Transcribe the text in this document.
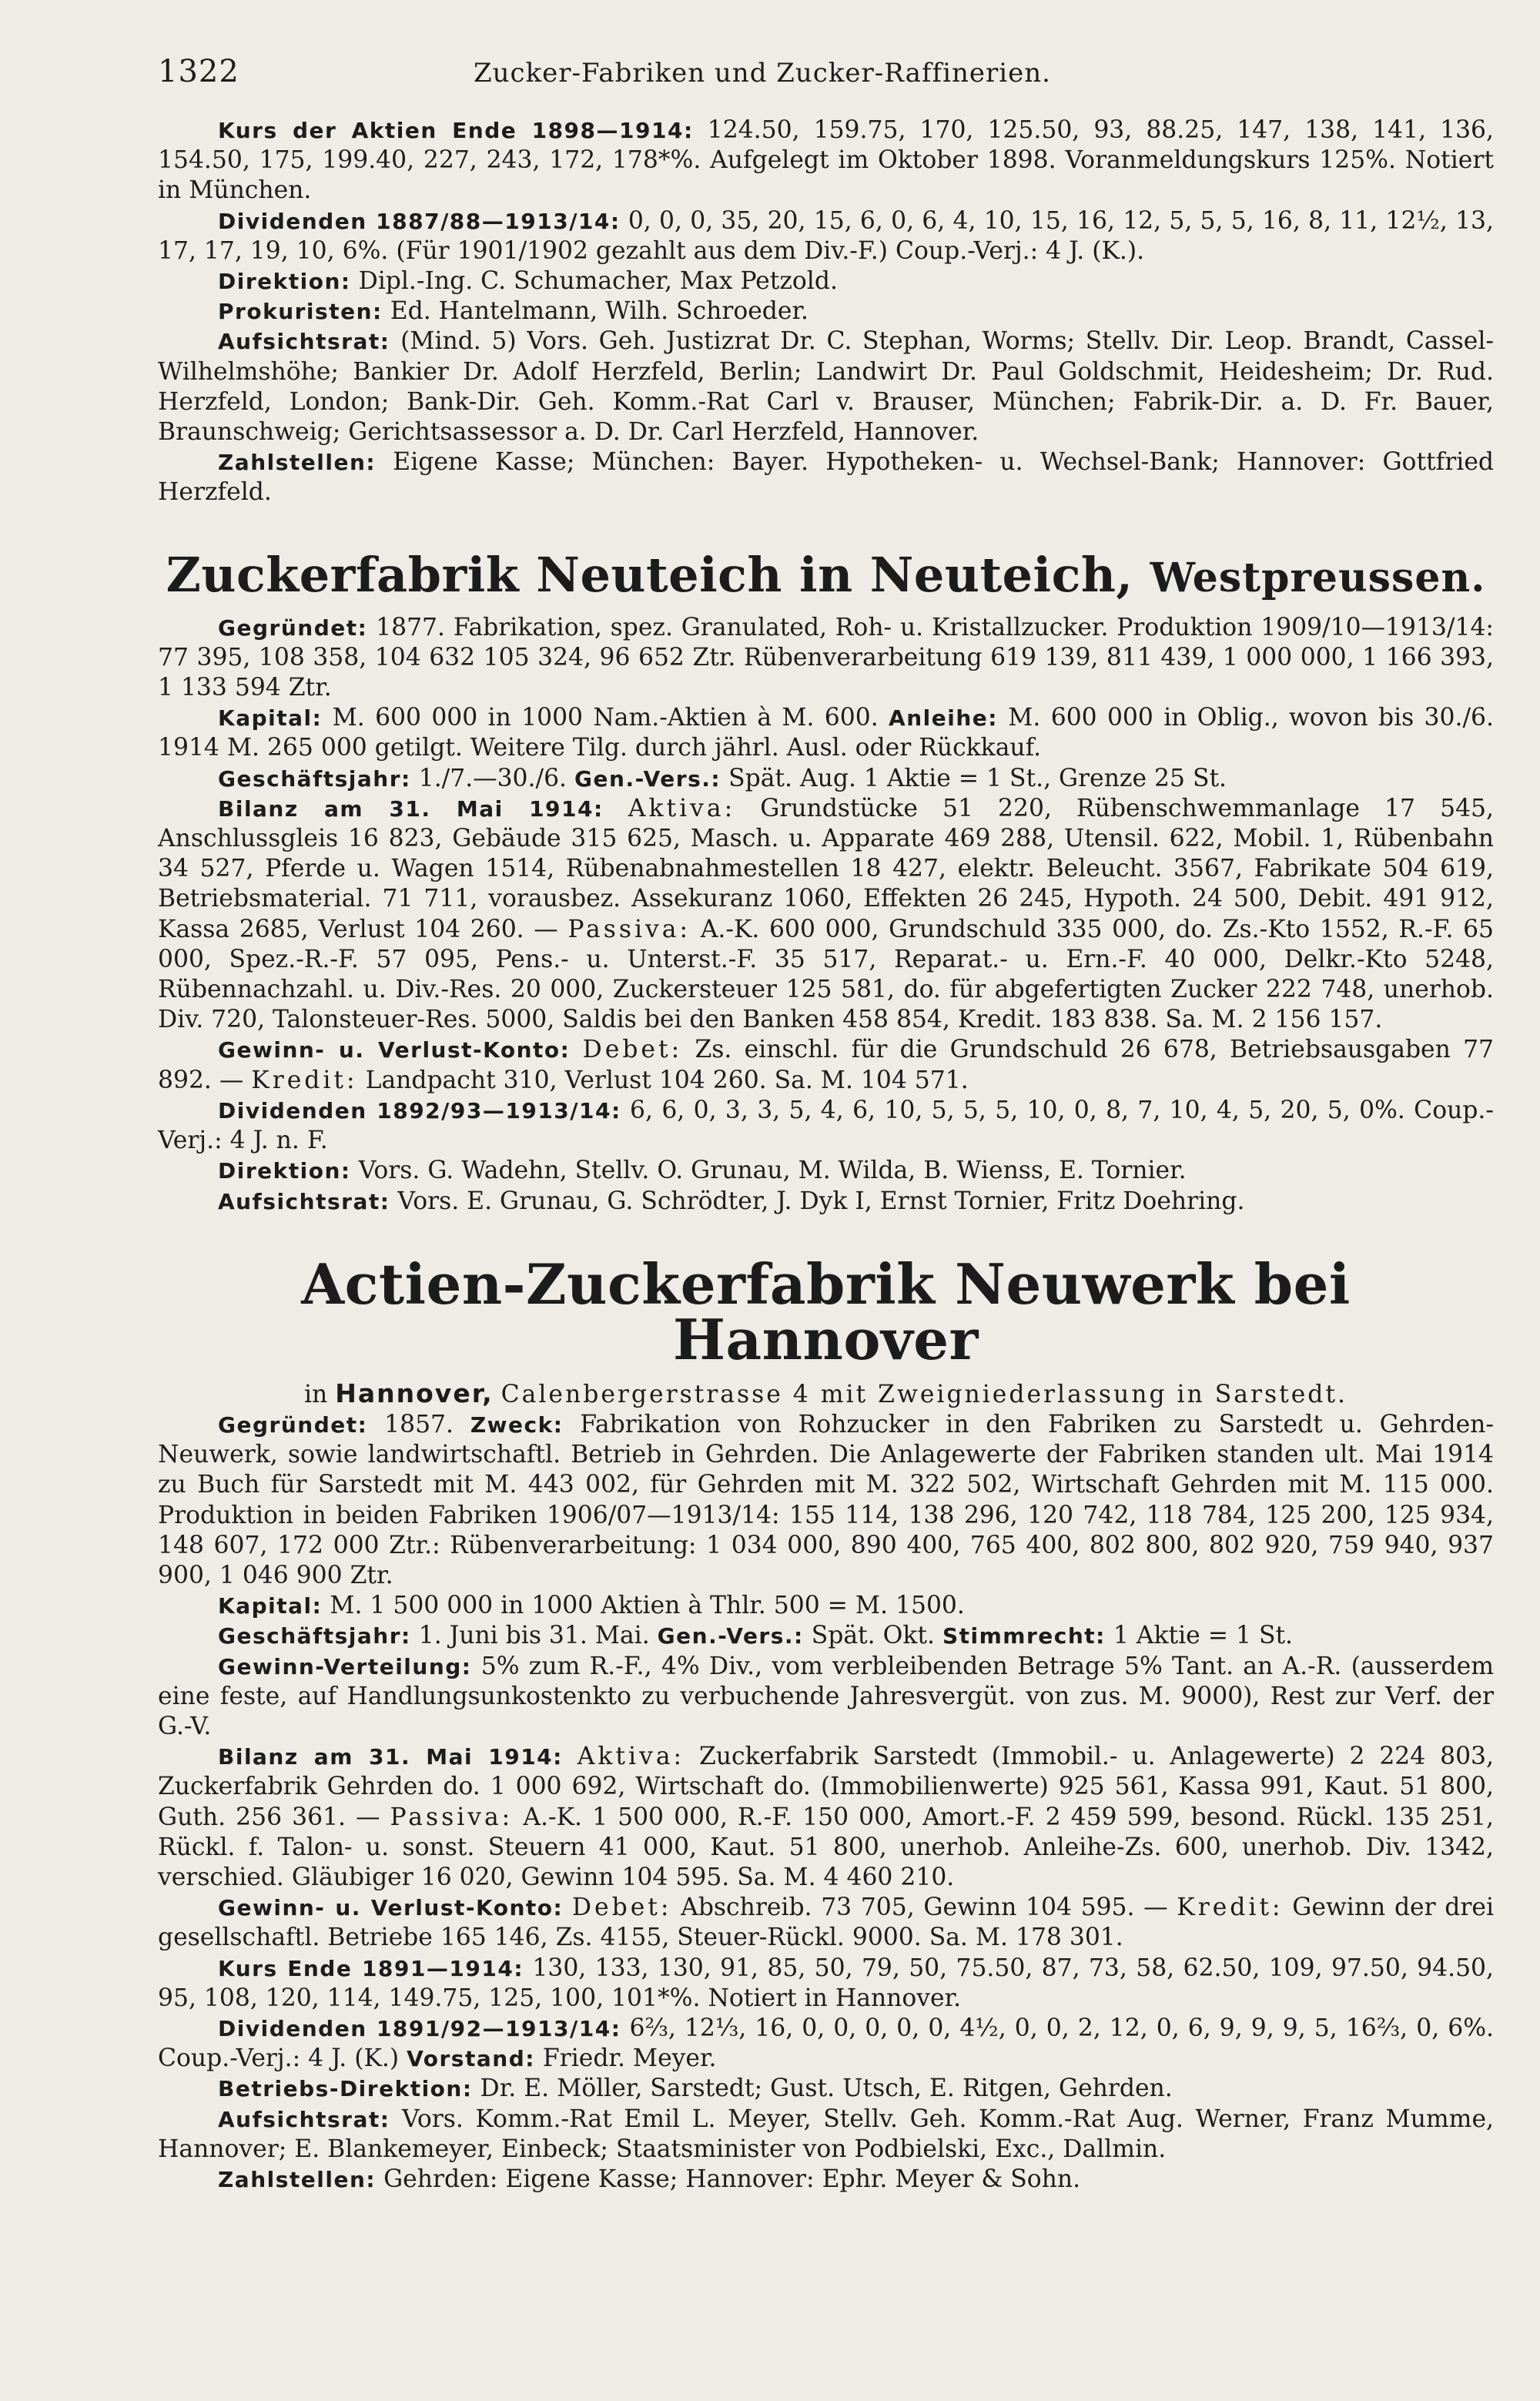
1322	Zucker-Fabriken und Zucker-Raffinerien.

Kurs der Aktien Ende 1898—1914: 124.50, 159.75, 170, 125.50, 93, 88.25, 147, 138, 141, 136, 154.50, 175, 199.40, 227, 243, 172, 178*%. Aufgelegt im Oktober 1898. Voranmeldungskurs 125%. Notiert in München.

Dividenden 1887/88—1913/14: 0, 0, 0, 35, 20, 15, 6, 0, 6, 4, 10, 15, 16, 12, 5, 5, 5, 16, 8, 11, 12½, 13, 17, 17, 19, 10, 6%. (Für 1901/1902 gezahlt aus dem Div.-F.) Coup.-Verj.: 4 J. (K.).

Direktion: Dipl.-Ing. C. Schumacher, Max Petzold.

Prokuristen: Ed. Hantelmann, Wilh. Schroeder.

Aufsichtsrat: (Mind. 5) Vors. Geh. Justizrat Dr. C. Stephan, Worms; Stellv. Dir. Leop. Brandt, Cassel-Wilhelmshöhe; Bankier Dr. Adolf Herzfeld, Berlin; Landwirt Dr. Paul Goldschmit, Heidesheim; Dr. Rud. Herzfeld, London; Bank-Dir. Geh. Komm.-Rat Carl v. Brauser, München; Fabrik-Dir. a. D. Fr. Bauer, Braunschweig; Gerichtsassessor a. D. Dr. Carl Herzfeld, Hannover.

Zahlstellen: Eigene Kasse; München: Bayer. Hypotheken- u. Wechsel-Bank; Hannover: Gottfried Herzfeld.

Zuckerfabrik Neuteich in Neuteich, Westpreussen.

Gegründet: 1877. Fabrikation, spez. Granulated, Roh- u. Kristallzucker. Produktion 1909/10—1913/14: 77 395, 108 358, 104 632 105 324, 96 652 Ztr. Rübenverarbeitung 619 139, 811 439, 1 000 000, 1 166 393, 1 133 594 Ztr.

Kapital: M. 600 000 in 1000 Nam.-Aktien à M. 600. Anleihe: M. 600 000 in Oblig., wovon bis 30./6. 1914 M. 265 000 getilgt. Weitere Tilg. durch jährl. Ausl. oder Rückkauf.

Geschäftsjahr: 1./7.—30./6. Gen.-Vers.: Spät. Aug. 1 Aktie = 1 St., Grenze 25 St.

Bilanz am 31. Mai 1914: Aktiva: Grundstücke 51 220, Rübenschwemmanlage 17 545, Anschlussgleis 16 823, Gebäude 315 625, Masch. u. Apparate 469 288, Utensil. 622, Mobil. 1, Rübenbahn 34 527, Pferde u. Wagen 1514, Rübenabnahmestellen 18 427, elektr. Beleucht. 3567, Fabrikate 504 619, Betriebsmaterial. 71 711, vorausbez. Assekuranz 1060, Effekten 26 245, Hypoth. 24 500, Debit. 491 912, Kassa 2685, Verlust 104 260. — Passiva: A.-K. 600 000, Grundschuld 335 000, do. Zs.-Kto 1552, R.-F. 65 000, Spez.-R.-F. 57 095, Pens.- u. Unterst.-F. 35 517, Reparat.- u. Ern.-F. 40 000, Delkr.-Kto 5248, Rübennachzahl. u. Div.-Res. 20 000, Zuckersteuer 125 581, do. für abgefertigten Zucker 222 748, unerhob. Div. 720, Talonsteuer-Res. 5000, Saldis bei den Banken 458 854, Kredit. 183 838. Sa. M. 2 156 157.

Gewinn- u. Verlust-Konto: Debet: Zs. einschl. für die Grundschuld 26 678, Betriebsausgaben 77 892. — Kredit: Landpacht 310, Verlust 104 260. Sa. M. 104 571.

Dividenden 1892/93—1913/14: 6, 6, 0, 3, 3, 5, 4, 6, 10, 5, 5, 5, 10, 0, 8, 7, 10, 4, 5, 20, 5, 0%. Coup.-Verj.: 4 J. n. F.

Direktion: Vors. G. Wadehn, Stellv. O. Grunau, M. Wilda, B. Wienss, E. Tornier.

Aufsichtsrat: Vors. E. Grunau, G. Schrödter, J. Dyk I, Ernst Tornier, Fritz Doehring.

Actien-Zuckerfabrik Neuwerk bei Hannover

in Hannover, Calenbergerstrasse 4 mit Zweigniederlassung in Sarstedt.

Gegründet: 1857. Zweck: Fabrikation von Rohzucker in den Fabriken zu Sarstedt u. Gehrden-Neuwerk, sowie landwirtschaftl. Betrieb in Gehrden. Die Anlagewerte der Fabriken standen ult. Mai 1914 zu Buch für Sarstedt mit M. 443 002, für Gehrden mit M. 322 502, Wirtschaft Gehrden mit M. 115 000. Produktion in beiden Fabriken 1906/07—1913/14: 155 114, 138 296, 120 742, 118 784, 125 200, 125 934, 148 607, 172 000 Ztr.: Rübenverarbeitung: 1 034 000, 890 400, 765 400, 802 800, 802 920, 759 940, 937 900, 1 046 900 Ztr.

Kapital: M. 1 500 000 in 1000 Aktien à Thlr. 500 = M. 1500.

Geschäftsjahr: 1. Juni bis 31. Mai. Gen.-Vers.: Spät. Okt. Stimmrecht: 1 Aktie = 1 St.

Gewinn-Verteilung: 5% zum R.-F., 4% Div., vom verbleibenden Betrage 5% Tant. an A.-R. (ausserdem eine feste, auf Handlungsunkostenkto zu verbuchende Jahresvergüt. von zus. M. 9000), Rest zur Verf. der G.-V.

Bilanz am 31. Mai 1914: Aktiva: Zuckerfabrik Sarstedt (Immobil.- u. Anlagewerte) 2 224 803, Zuckerfabrik Gehrden do. 1 000 692, Wirtschaft do. (Immobilienwerte) 925 561, Kassa 991, Kaut. 51 800, Guth. 256 361. — Passiva: A.-K. 1 500 000, R.-F. 150 000, Amort.-F. 2 459 599, besond. Rückl. 135 251, Rückl. f. Talon- u. sonst. Steuern 41 000, Kaut. 51 800, unerhob. Anleihe-Zs. 600, unerhob. Div. 1342, verschied. Gläubiger 16 020, Gewinn 104 595. Sa. M. 4 460 210.

Gewinn- u. Verlust-Konto: Debet: Abschreib. 73 705, Gewinn 104 595. — Kredit: Gewinn der drei gesellschaftl. Betriebe 165 146, Zs. 4155, Steuer-Rückl. 9000. Sa. M. 178 301.

Kurs Ende 1891—1914: 130, 133, 130, 91, 85, 50, 79, 50, 75.50, 87, 73, 58, 62.50, 109, 97.50, 94.50, 95, 108, 120, 114, 149.75, 125, 100, 101*%. Notiert in Hannover.

Dividenden 1891/92—1913/14: 6⅔, 12⅓, 16, 0, 0, 0, 0, 0, 4½, 0, 0, 2, 12, 0, 6, 9, 9, 9, 5, 16⅔, 0, 6%. Coup.-Verj.: 4 J. (K.) Vorstand: Friedr. Meyer.

Betriebs-Direktion: Dr. E. Möller, Sarstedt; Gust. Utsch, E. Ritgen, Gehrden.

Aufsichtsrat: Vors. Komm.-Rat Emil L. Meyer, Stellv. Geh. Komm.-Rat Aug. Werner, Franz Mumme, Hannover; E. Blankemeyer, Einbeck; Staatsminister von Podbielski, Exc., Dallmin.

Zahlstellen: Gehrden: Eigene Kasse; Hannover: Ephr. Meyer & Sohn.
